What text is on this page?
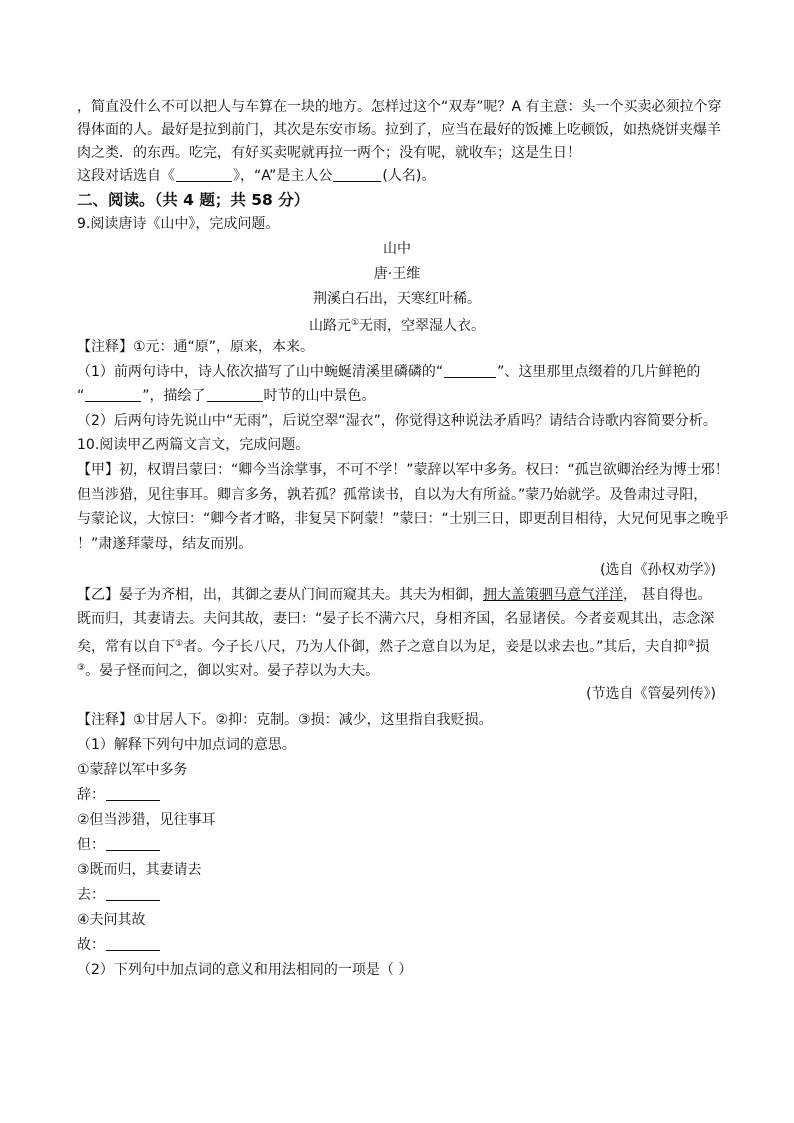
，简直没什么不可以把人与车算在一块的地方。怎样过这个“双寿”呢？A 有主意：头一个买卖必须拉个穿
得体面的人。最好是拉到前门，其次是东安市场。拉到了，应当在最好的饭摊上吃顿饭，如热烧饼夹爆羊
肉之类．的东西。吃完，有好买卖呢就再拉一两个；没有呢，就收车；这是生日！
这段对话选自《	》，“A”是主人公	(人名)。
二、阅读。（共 4 题；共 58 分）
9.阅读唐诗《山中》，完成问题。
山中
唐·王维
荆溪白石出，天寒红叶稀。
山路元①无雨，空翠湿人衣。
【注释】①元：通“原”，原来，本来。
（1）前两句诗中，诗人依次描写了山中蜿蜒清溪里磷磷的“	”、这里那里点缀着的几片鲜艳的
“	”，描绘了	时节的山中景色。
（2）后两句诗先说山中“无雨”，后说空翠“湿衣”，你觉得这种说法矛盾吗？请结合诗歌内容简要分析。
10.阅读甲乙两篇文言文，完成问题。
【甲】初，权谓吕蒙曰：“卿今当涂掌事，不可不学！”蒙辞以军中多务。权曰：“孤岂欲卿治经为博士邪！
但当涉猎，见往事耳。卿言多务，孰若孤？孤常读书，自以为大有所益。”蒙乃始就学。及鲁肃过寻阳，
与蒙论议，大惊曰：“卿今者才略，非复吴下阿蒙！”蒙曰：“士别三日，即更刮目相待，大兄何见事之晚乎
！”肃遂拜蒙母，结友而别。
(选自《孙权劝学》)
【乙】晏子为齐相，出，其御之妻从门间而窥其夫。其夫为相御，拥大盖策驷马意气洋洋， 甚自得也。
既而归，其妻请去。夫问其故，妻曰：“晏子长不满六尺，身相齐国，名显诸侯。今者妾观其出，志念深
矣，常有以自下①者。今子长八尺，乃为人仆御，然子之意自以为足，妾是以求去也。”其后，夫自抑②损
③。晏子怪而问之，御以实对。晏子荐以为大夫。
(节选自《管晏列传》)
【注释】①甘居人下。②抑：克制。③损：减少，这里指自我贬损。
（1）解释下列句中加点词的意思。
①蒙辞以军中多务
辞：
②但当涉猎，见往事耳
但：
③既而归，其妻请去
去：
④夫问其故
故：
（2）下列句中加点词的意义和用法相同的一项是（ ）
